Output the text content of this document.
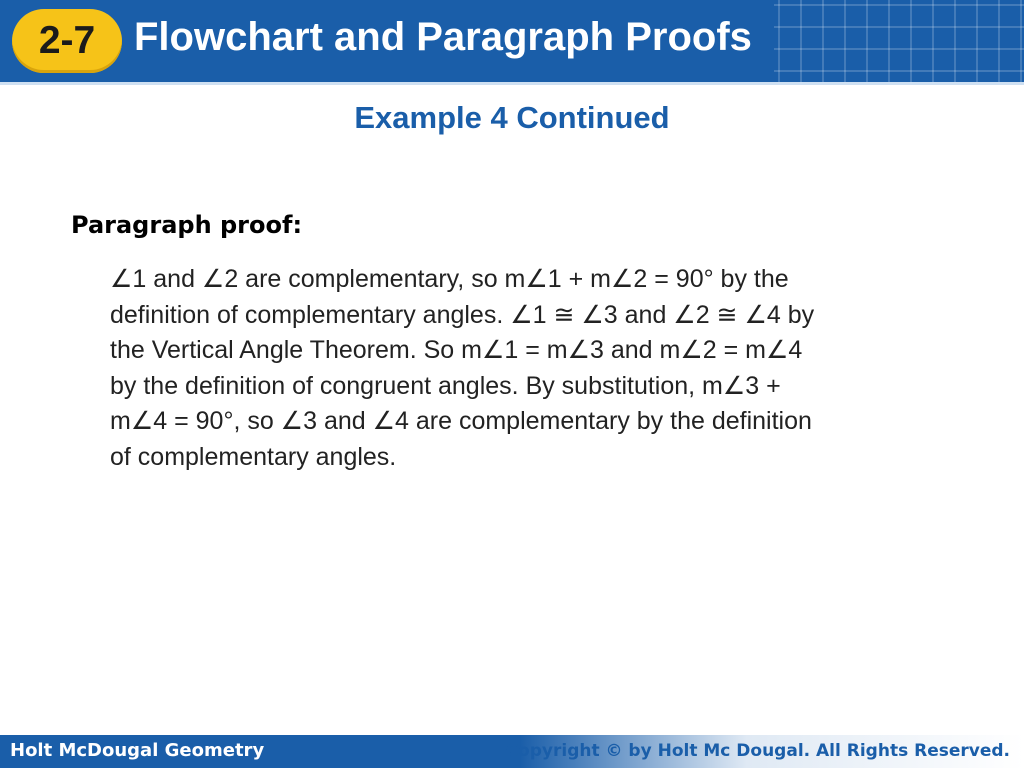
2-7 Flowchart and Paragraph Proofs
Example 4 Continued
Paragraph proof:
∠1 and ∠2 are complementary, so m∠1 + m∠2 = 90° by the
definition of complementary angles. ∠1 ≅ ∠3 and ∠2 ≅ ∠4 by
the Vertical Angle Theorem. So m∠1 = m∠3 and m∠2 = m∠4
by the definition of congruent angles. By substitution, m∠3 +
m∠4 = 90°, so ∠3 and ∠4 are complementary by the definition
of complementary angles.
Holt McDougal Geometry	Copyright © by Holt Mc Dougal. All Rights Reserved.
